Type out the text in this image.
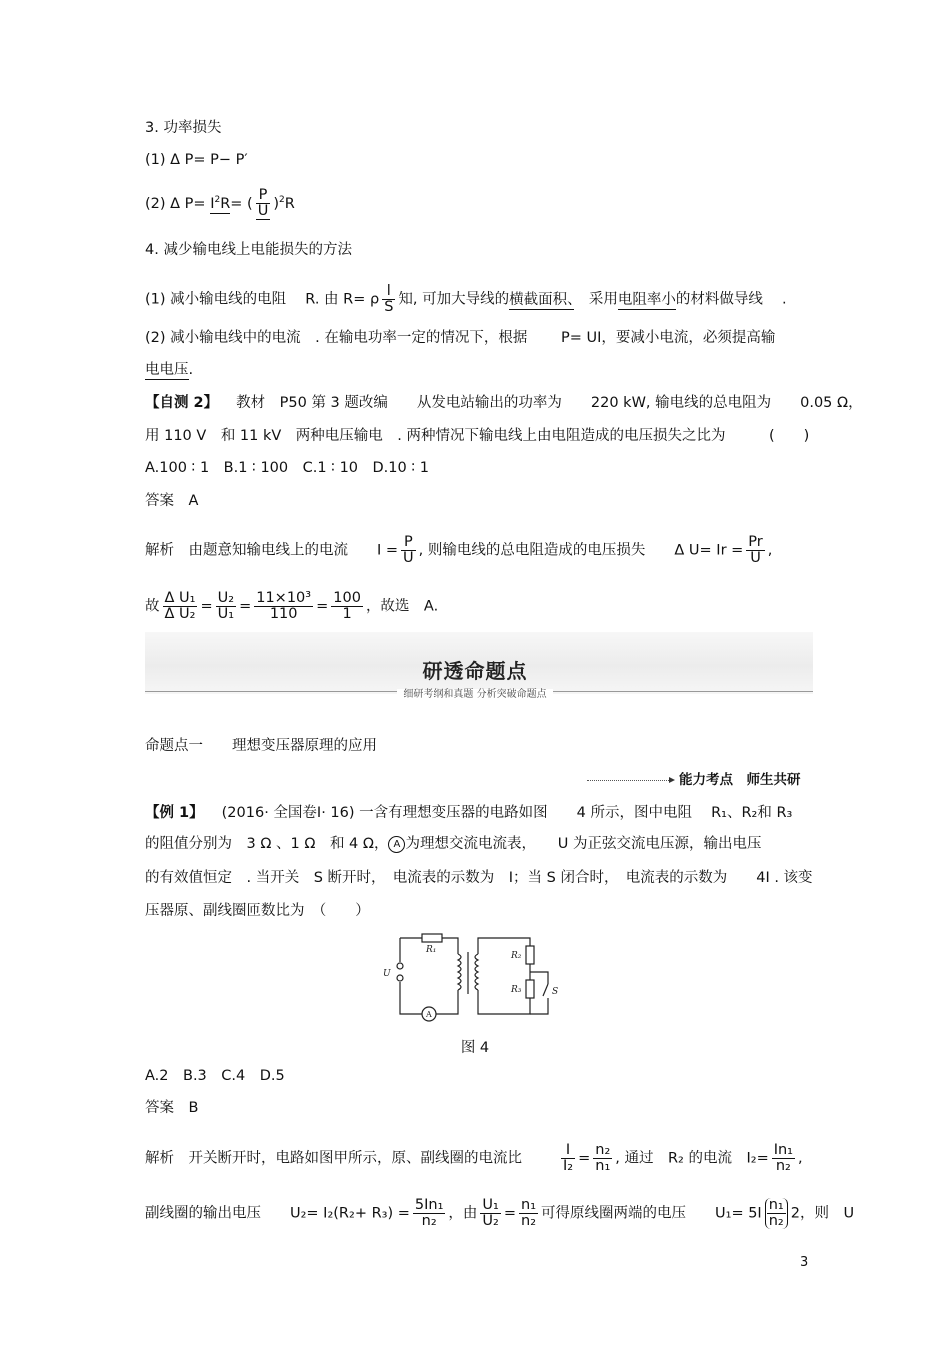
3. 功率损失
(1) Δ P= P− P′
(2) Δ $P= I^2R=$ ( $\frac{P}{U} )^2R$
4. 减少输电线上电能损失的方法
(1) 减小输电线的电阻　 R. 由 R= ρ $\frac{l}{S}$ 知, 可加大导线的横截面积、　采用电阻率小的材料做导线　 .
(2) 减小输电线中的电流　. 在输电功率一定的情况下，根据　　 P= UI，要减小电流，必须提高输
电电压.
【自测 2】 教材　P50 第 3 题改编　　从发电站输出的功率为　　220 kW, 输电线的总电阻为　　0.05 Ω，
用 110 V　和 11 kV　两种电压输电　. 两种情况下输电线上由电阻造成的电压损失之比为　　　(　　)
A.100 ∶ 1　B.1 ∶ 100　C.1 ∶ 10　D.10 ∶ 1
答案　A
解析　由题意知输电线上的电流　　$I = \frac{P}{U}$ , 则输电线的总电阻造成的电压损失　　Δ $U= Ir = \frac{Pr}{U}$ ,
故 $\frac{\text{Δ U₁}}{\text{Δ U₂}} = \frac{\text{U₂}}{\text{U₁}} = \frac{\text{11×10³}}{110} = \frac{100}{1}$ ，故选　A.
研透命题点
细研考纲和真题 分析突破命题点
命题点一　　理想变压器原理的应用
能力考点　师生共研
【例 1】 (2016· 全国卷Ⅰ· 16) 一含有理想变压器的电路如图　　4 所示，图中电阻　 R₁、R₂和 R₃
的阻值分别为　3 Ω 、1 Ω　和 4 Ω， A 为理想交流电流表，　　U 为正弦交流电压源，输出电压
的有效值恒定　. 当开关　S 断开时，　电流表的示数为　I；当 S 闭合时，　电流表的示数为　　4I . 该变
压器原、副线圈匝数比为　（　　）
R₁
R₂
R₃
U
S
A
图 4
A.2　B.3　C.4　D.5
答案　B
解析　开关断开时，电路如图甲所示，原、副线圈的电流比	$\frac{I}{\text{I₂}} = \frac{\text{n₂}}{\text{n₁}}$ , 通过　R₂ 的电流　$I_2= \frac{\text{In₁}}{\text{n₂}}$ ,
副线圈的输出电压　　$U_2= I_2(R_2+ R_3) = \frac{\text{5In₁}}{\text{n₂}}$ ，由 $\frac{\text{U₁}}{\text{U₂}} = \frac{\text{n₁}}{\text{n₂}}$ 可得原线圈两端的电压　　$U_1= 5I \frac{\text{n₁}}{\text{n₂}} 2$，则　U
3
